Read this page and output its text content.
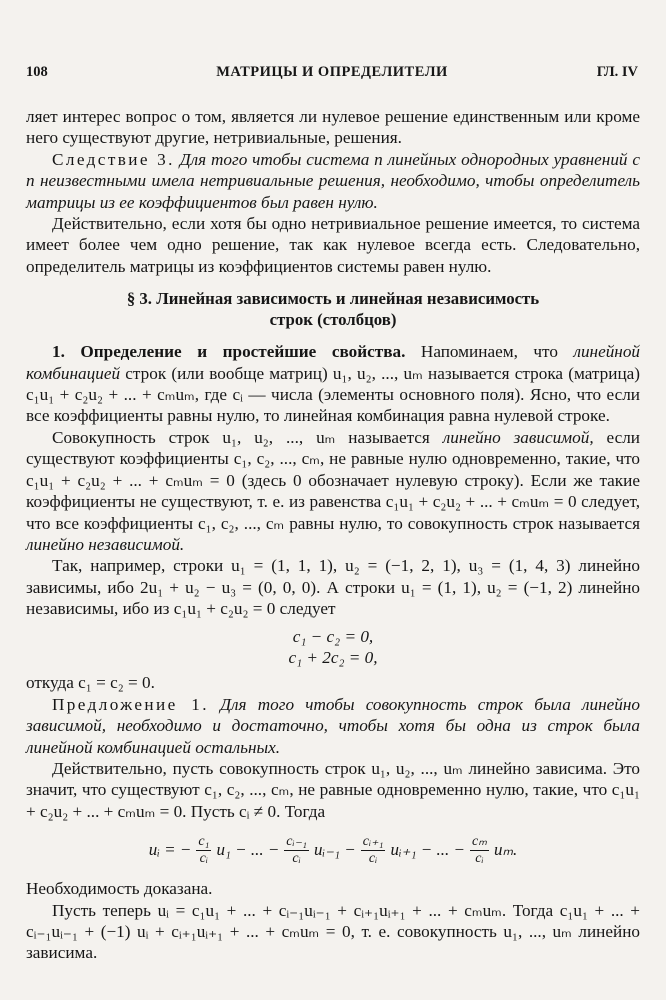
108	МАТРИЦЫ И ОПРЕДЕЛИТЕЛИ	ГЛ. IV

ляет интерес вопрос о том, является ли нулевое решение единственным или кроме него существуют другие, нетривиальные, решения.

Следствие 3. Для того чтобы система n линейных однородных уравнений с n неизвестными имела нетривиальные решения, необходимо, чтобы определитель матрицы из ее коэффициентов был равен нулю.

Действительно, если хотя бы одно нетривиальное решение имеется, то система имеет более чем одно решение, так как нулевое всегда есть. Следовательно, определитель матрицы из коэффициентов системы равен нулю.

§ 3. Линейная зависимость и линейная независимость

строк (столбцов)

1. Определение и простейшие свойства. Напоминаем, что линейной комбинацией строк (или вообще матриц) u₁, u₂, ..., uₘ называется строка (матрица) c₁u₁ + c₂u₂ + ... + cₘuₘ, где cᵢ — числа (элементы основного поля). Ясно, что если все коэффициенты равны нулю, то линейная комбинация равна нулевой строке.

Совокупность строк u₁, u₂, ..., uₘ называется линейно зависимой, если существуют коэффициенты c₁, c₂, ..., cₘ, не равные нулю одновременно, такие, что c₁u₁ + c₂u₂ + ... + cₘuₘ = 0 (здесь 0 обозначает нулевую строку). Если же такие коэффициенты не существуют, т. е. из равенства c₁u₁ + c₂u₂ + ... + cₘuₘ = 0 следует, что все коэффициенты c₁, c₂, ..., cₘ равны нулю, то совокупность строк называется линейно независимой.

Так, например, строки u₁ = (1, 1, 1), u₂ = (−1, 2, 1), u₃ = (1, 4, 3) линейно зависимы, ибо 2u₁ + u₂ − u₃ = (0, 0, 0). А строки u₁ = (1, 1), u₂ = (−1, 2) линейно независимы, ибо из c₁u₁ + c₂u₂ = 0 следует

c₁ − c₂ = 0,

c₁ + 2c₂ = 0,

откуда c₁ = c₂ = 0.

Предложение 1. Для того чтобы совокупность строк была линейно зависимой, необходимо и достаточно, чтобы хотя бы одна из строк была линейной комбинацией остальных.

Действительно, пусть совокупность строк u₁, u₂, ..., uₘ линейно зависима. Это значит, что существуют c₁, c₂, ..., cₘ, не равные одновременно нулю, такие, что c₁u₁ + c₂u₂ + ... + cₘuₘ = 0. Пусть cᵢ ≠ 0. Тогда

uᵢ = − $\frac{\text{c₁}}{\text{cᵢ}} u_1$ − ... − $\frac{\text{cᵢ₋₁}}{\text{cᵢ}}$ uᵢ₋₁ − $\frac{\text{cᵢ₊₁}}{\text{cᵢ}}$ uᵢ₊₁ − ... − $\frac{\text{cₘ}}{\text{cᵢ}} u_m$.

Необходимость доказана.

Пусть теперь uᵢ = c₁u₁ + ... + cᵢ₋₁uᵢ₋₁ + cᵢ₊₁uᵢ₊₁ + ... + cₘuₘ. Тогда c₁u₁ + ... + cᵢ₋₁uᵢ₋₁ + (−1) uᵢ + cᵢ₊₁uᵢ₊₁ + ... + cₘuₘ = 0, т. е. совокупность u₁, ..., uₘ линейно зависима.
